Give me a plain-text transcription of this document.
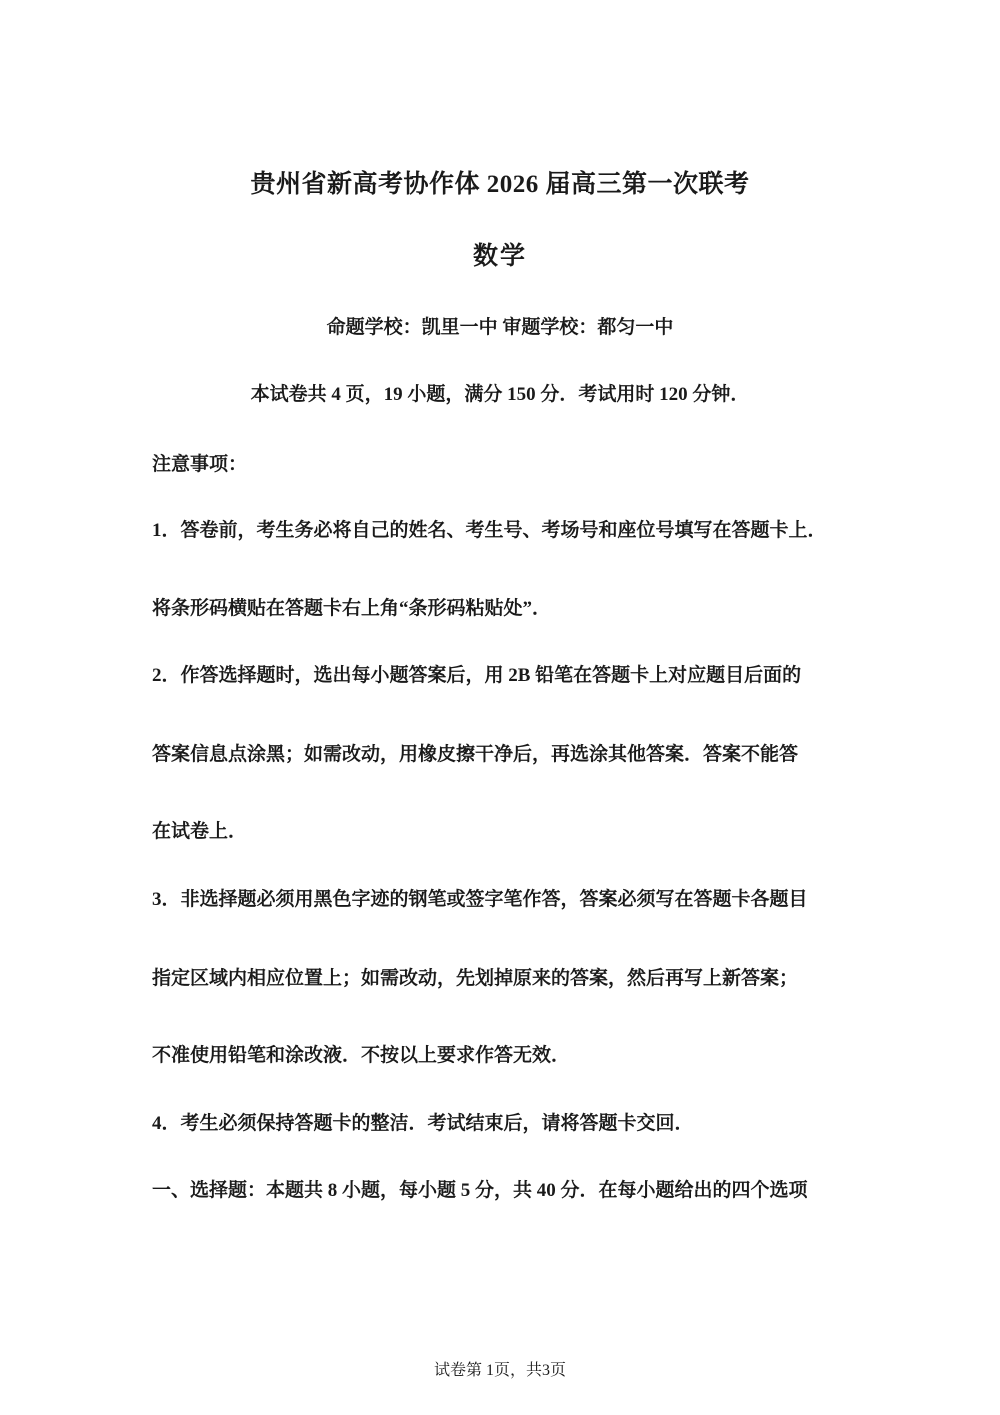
贵州省新高考协作体 2026 届高三第一次联考
数学
命题学校：凯里一中 审题学校：都匀一中
本试卷共 4 页，19 小题，满分 150 分．考试用时 120 分钟．
注意事项：
1．答卷前，考生务必将自己的姓名、考生号、考场号和座位号填写在答题卡上．
将条形码横贴在答题卡右上角“条形码粘贴处”．
2．作答选择题时，选出每小题答案后，用 2B 铅笔在答题卡上对应题目后面的
答案信息点涂黑；如需改动，用橡皮擦干净后，再选涂其他答案．答案不能答
在试卷上．
3．非选择题必须用黑色字迹的钢笔或签字笔作答，答案必须写在答题卡各题目
指定区域内相应位置上；如需改动，先划掉原来的答案，然后再写上新答案；
不准使用铅笔和涂改液．不按以上要求作答无效．
4．考生必须保持答题卡的整洁．考试结束后，请将答题卡交回．
一、选择题：本题共 8 小题，每小题 5 分，共 40 分．在每小题给出的四个选项
试卷第 1页，共3页
